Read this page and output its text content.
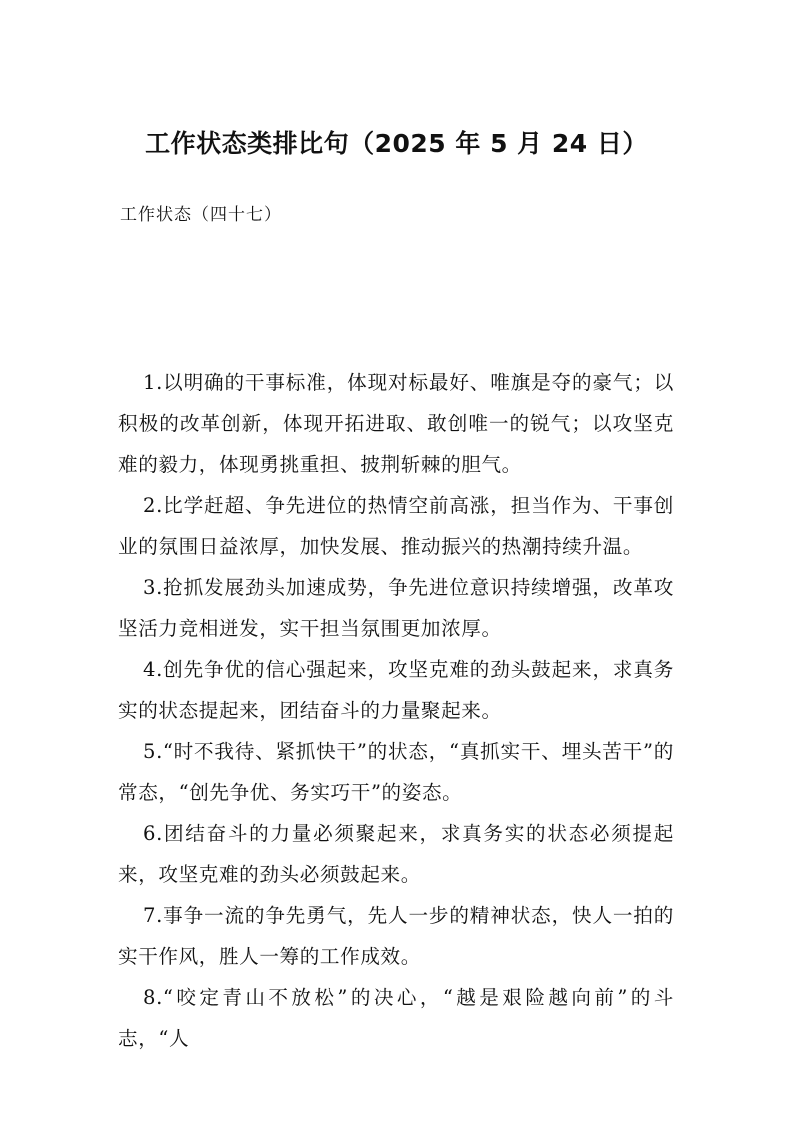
工作状态类排比句（2025 年 5 月 24 日）

工作状态（四十七）

1.以明确的干事标准，体现对标最好、唯旗是夺的豪气；以积极的改革创新，体现开拓进取、敢创唯一的锐气；以攻坚克难的毅力，体现勇挑重担、披荆斩棘的胆气。

2.比学赶超、争先进位的热情空前高涨，担当作为、干事创业的氛围日益浓厚，加快发展、推动振兴的热潮持续升温。

3.抢抓发展劲头加速成势，争先进位意识持续增强，改革攻坚活力竞相迸发，实干担当氛围更加浓厚。

4.创先争优的信心强起来，攻坚克难的劲头鼓起来，求真务实的状态提起来，团结奋斗的力量聚起来。

5.“时不我待、紧抓快干”的状态，“真抓实干、埋头苦干”的常态，“创先争优、务实巧干”的姿态。

6.团结奋斗的力量必须聚起来，求真务实的状态必须提起来，攻坚克难的劲头必须鼓起来。

7.事争一流的争先勇气，先人一步的精神状态，快人一拍的实干作风，胜人一筹的工作成效。

8.“咬定青山不放松”的决心，“越是艰险越向前”的斗志，“人
